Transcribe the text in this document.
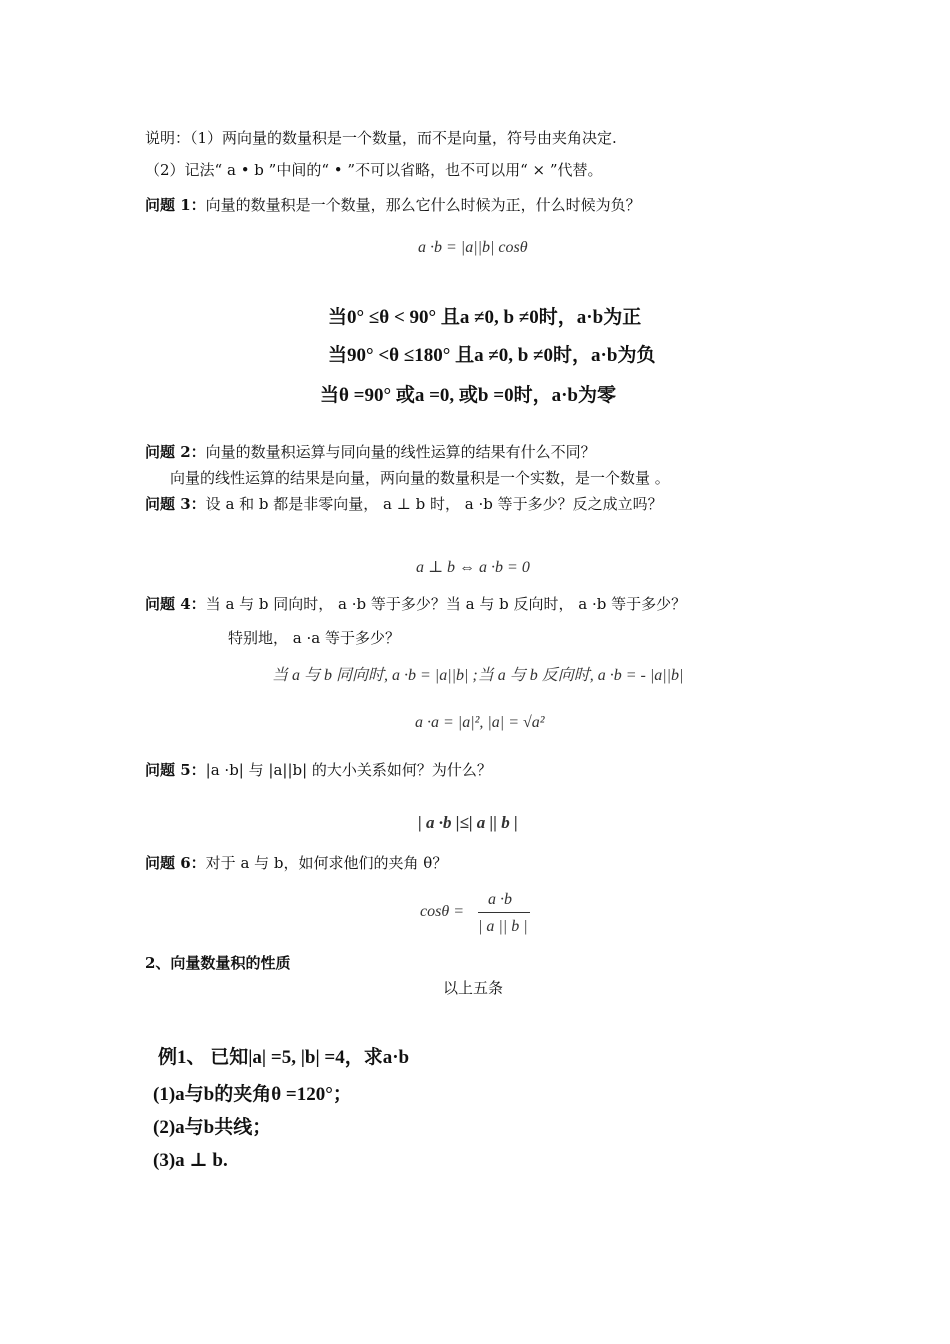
说明：（1）两向量的数量积是一个数量，而不是向量，符号由夹角决定.
（2）记法“ a • b ”中间的“ • ”不可以省略，也不可以用“ × ”代替。
问题 1：向量的数量积是一个数量，那么它什么时候为正，什么时候为负？
a ·b = |a||b| cosθ
当0° ≤θ < 90° 且a ≠0, b ≠0时，a·b为正
当90° <θ ≤180° 且a ≠0, b ≠0时，a·b为负
当θ =90° 或a =0, 或b =0时，a·b为零
问题 2：向量的数量积运算与同向量的线性运算的结果有什么不同？
向量的线性运算的结果是向量，两向量的数量积是一个实数，是一个数量 。
问题 3：设 a 和 b 都是非零向量， a ⊥ b 时， a ·b 等于多少？反之成立吗？
a ⊥ b ⇔ a ·b = 0
问题 4：当 a 与 b 同向时， a ·b 等于多少？当 a 与 b 反向时， a ·b 等于多少？
特别地， a ·a 等于多少？
当 a 与 b 同向时, a ·b = |a||b| ;当 a 与 b 反向时, a ·b = - |a||b|
a ·a = |a|², |a| = √a²
问题 5：|a ·b| 与 |a||b| 的大小关系如何？为什么？
| a ·b |≤| a || b |
问题 6：对于 a 与 b，如何求他们的夹角 θ？
cosθ =
a ·b
| a || b |
2、向量数量积的性质
以上五条
例1、 已知|a| =5, |b| =4，求a·b
(1)a与b的夹角θ =120°；
(2)a与b共线；
(3)a ⊥ b.
